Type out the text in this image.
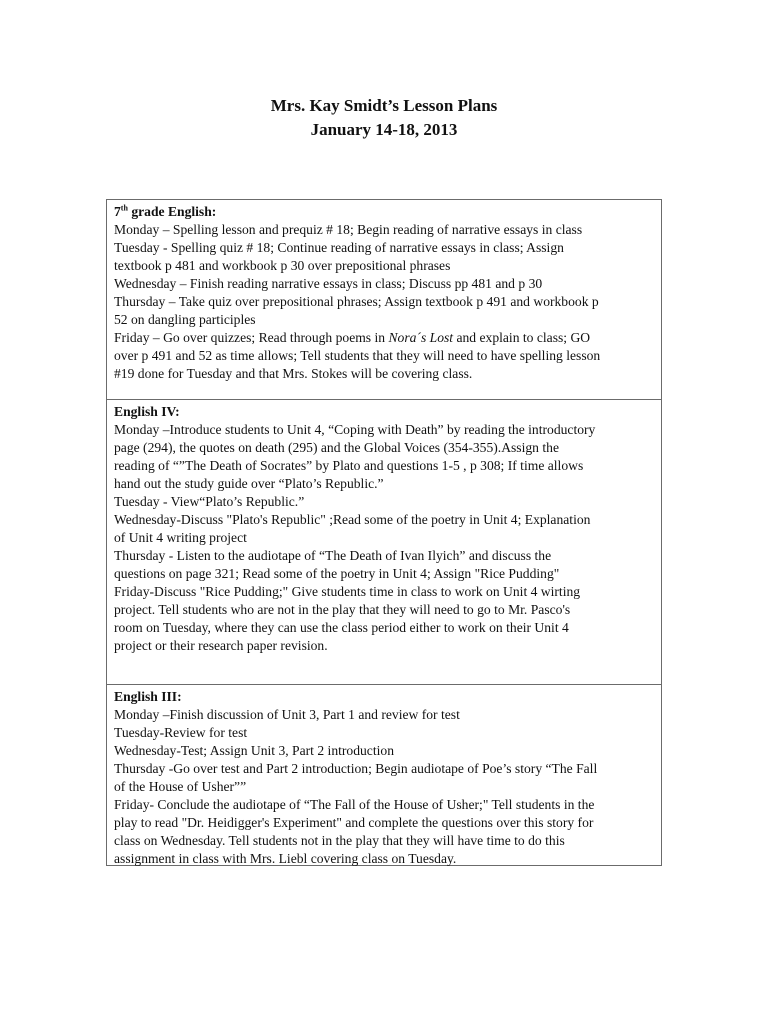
Mrs. Kay Smidt’s Lesson Plans
January 14-18, 2013
7th grade English:
Monday – Spelling lesson and prequiz # 18; Begin reading of narrative essays in class
Tuesday - Spelling quiz # 18; Continue reading of narrative essays in class; Assign
textbook p 481 and workbook p 30 over prepositional phrases
Wednesday – Finish reading narrative essays in class; Discuss pp 481 and p 30
Thursday – Take quiz over prepositional phrases; Assign textbook p 491 and workbook p
52 on dangling participles
Friday – Go over quizzes; Read through poems in Nora´s Lost and explain to class; GO
over p 491 and 52 as time allows; Tell students that they will need to have spelling lesson
#19 done for Tuesday and that Mrs. Stokes will be covering class.
English IV:
Monday –Introduce students to Unit 4, “Coping with Death” by reading the introductory
page (294), the quotes on death (295) and the Global Voices (354-355).Assign the
reading of “”The Death of Socrates” by Plato and questions 1-5 , p 308; If time allows
hand out the study guide over “Plato’s Republic.”
Tuesday - View“Plato’s Republic.”
Wednesday-Discuss "Plato's Republic" ;Read some of the poetry in Unit 4; Explanation
of Unit 4 writing project
Thursday - Listen to the audiotape of “The Death of Ivan Ilyich” and discuss the
questions on page 321; Read some of the poetry in Unit 4; Assign "Rice Pudding"
Friday-Discuss "Rice Pudding;" Give students time in class to work on Unit 4 wirting
project. Tell students who are not in the play that they will need to go to Mr. Pasco's
room on Tuesday, where they can use the class period either to work on their Unit 4
project or their research paper revision.
English III:
Monday –Finish discussion of Unit 3, Part 1 and review for test
Tuesday-Review for test
Wednesday-Test; Assign Unit 3, Part 2 introduction
Thursday -Go over test and Part 2 introduction; Begin audiotape of Poe’s story “The Fall
of the House of Usher””
Friday- Conclude the audiotape of “The Fall of the House of Usher;" Tell students in the
play to read "Dr. Heidigger's Experiment" and complete the questions over this story for
class on Wednesday. Tell students not in the play that they will have time to do this
assignment in class with Mrs. Liebl covering class on Tuesday.
